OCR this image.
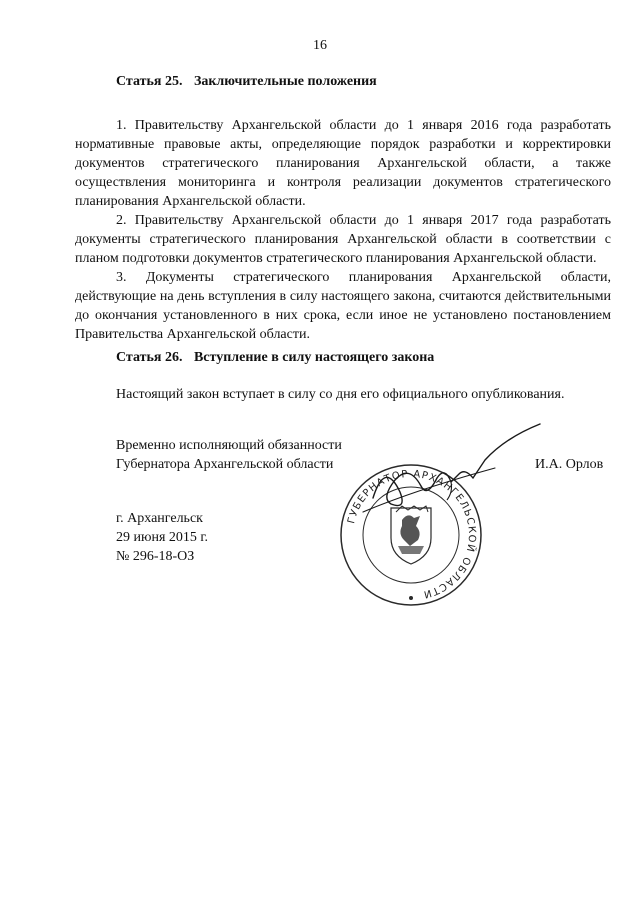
16
Статья 25. Заключительные положения

1. Правительству Архангельской области до 1 января 2016 года разработать нормативные правовые акты, определяющие порядок разработки и корректировки документов стратегического планирования Архангельской области, а также осуществления мониторинга и контроля реализации документов стратегического планирования Архангельской области.

2. Правительству Архангельской области до 1 января 2017 года разработать документы стратегического планирования Архангельской области в соответствии с планом подготовки документов стратегического планирования Архангельской области.

3. Документы стратегического планирования Архангельской области, действующие на день вступления в силу настоящего закона, считаются действительными до окончания установленного в них срока, если иное не установлено постановлением Правительства Архангельской области.

Статья 26. Вступление в силу настоящего закона

Настоящий закон вступает в силу со дня его официального опубликования.

Временно исполняющий обязанности
Губернатора Архангельской области	И.А. Орлов
ГУБЕРНАТОР АРХАНГЕЛЬСКОЙ ОБЛАСТИ
г. Архангельск
29 июня 2015 г.
№ 296-18-ОЗ
